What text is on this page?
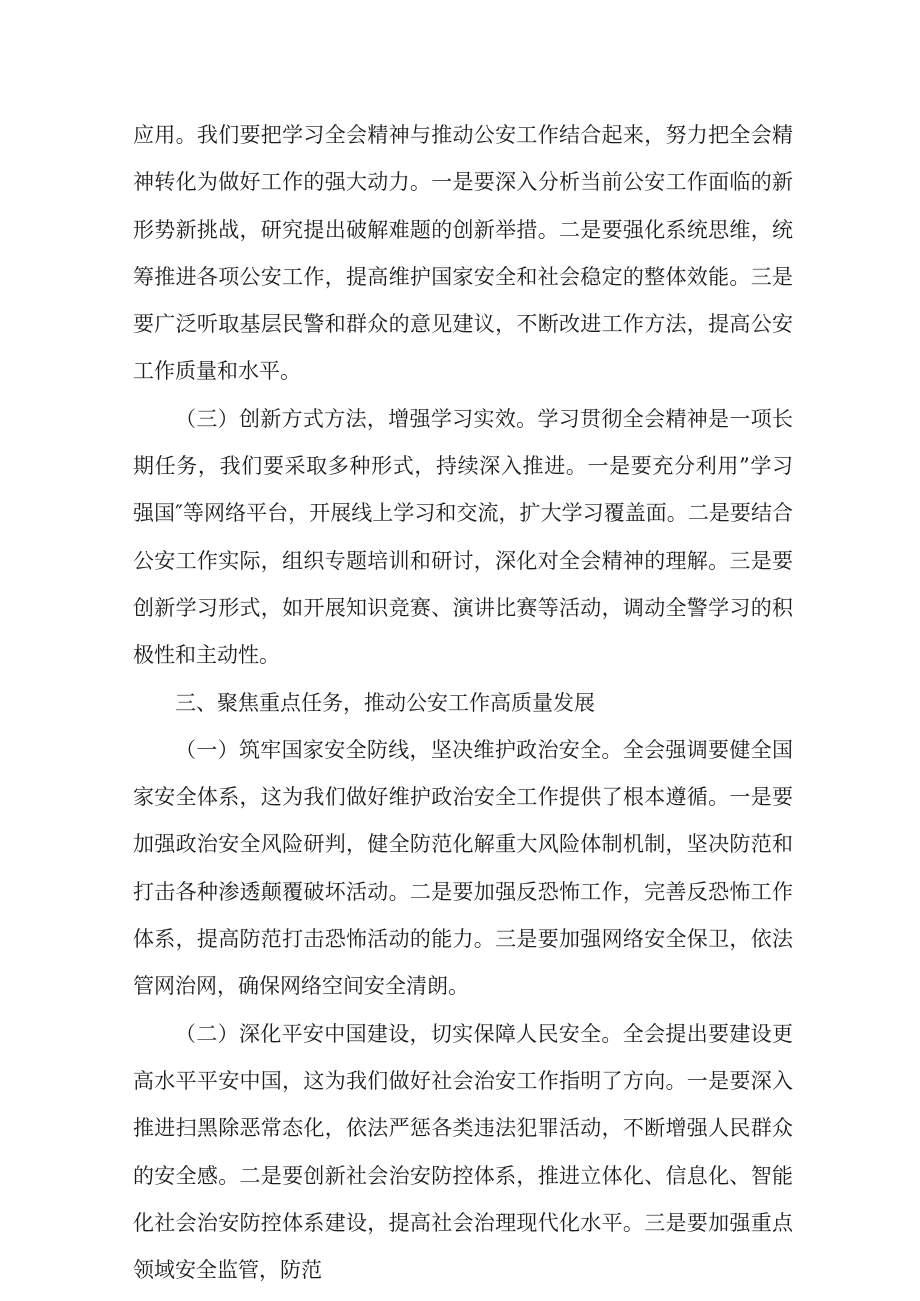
应用。我们要把学习全会精神与推动公安工作结合起来，努力把全会精神转化为做好工作的强大动力。一是要深入分析当前公安工作面临的新形势新挑战，研究提出破解难题的创新举措。二是要强化系统思维，统筹推进各项公安工作，提高维护国家安全和社会稳定的整体效能。三是要广泛听取基层民警和群众的意见建议，不断改进工作方法，提高公安工作质量和水平。

（三）创新方式方法，增强学习实效。学习贯彻全会精神是一项长期任务，我们要采取多种形式，持续深入推进。一是要充分利用”学习强国″等网络平台，开展线上学习和交流，扩大学习覆盖面。二是要结合公安工作实际，组织专题培训和研讨，深化对全会精神的理解。三是要创新学习形式，如开展知识竞赛、演讲比赛等活动，调动全警学习的积极性和主动性。

三、聚焦重点任务，推动公安工作高质量发展

（一）筑牢国家安全防线，坚决维护政治安全。全会强调要健全国家安全体系，这为我们做好维护政治安全工作提供了根本遵循。一是要加强政治安全风险研判，健全防范化解重大风险体制机制，坚决防范和打击各种渗透颠覆破坏活动。二是要加强反恐怖工作，完善反恐怖工作体系，提高防范打击恐怖活动的能力。三是要加强网络安全保卫，依法管网治网，确保网络空间安全清朗。

（二）深化平安中国建设，切实保障人民安全。全会提出要建设更高水平平安中国，这为我们做好社会治安工作指明了方向。一是要深入推进扫黑除恶常态化，依法严惩各类违法犯罪活动，不断增强人民群众的安全感。二是要创新社会治安防控体系，推进立体化、信息化、智能化社会治安防控体系建设，提高社会治理现代化水平。三是要加强重点领域安全监管，防范
